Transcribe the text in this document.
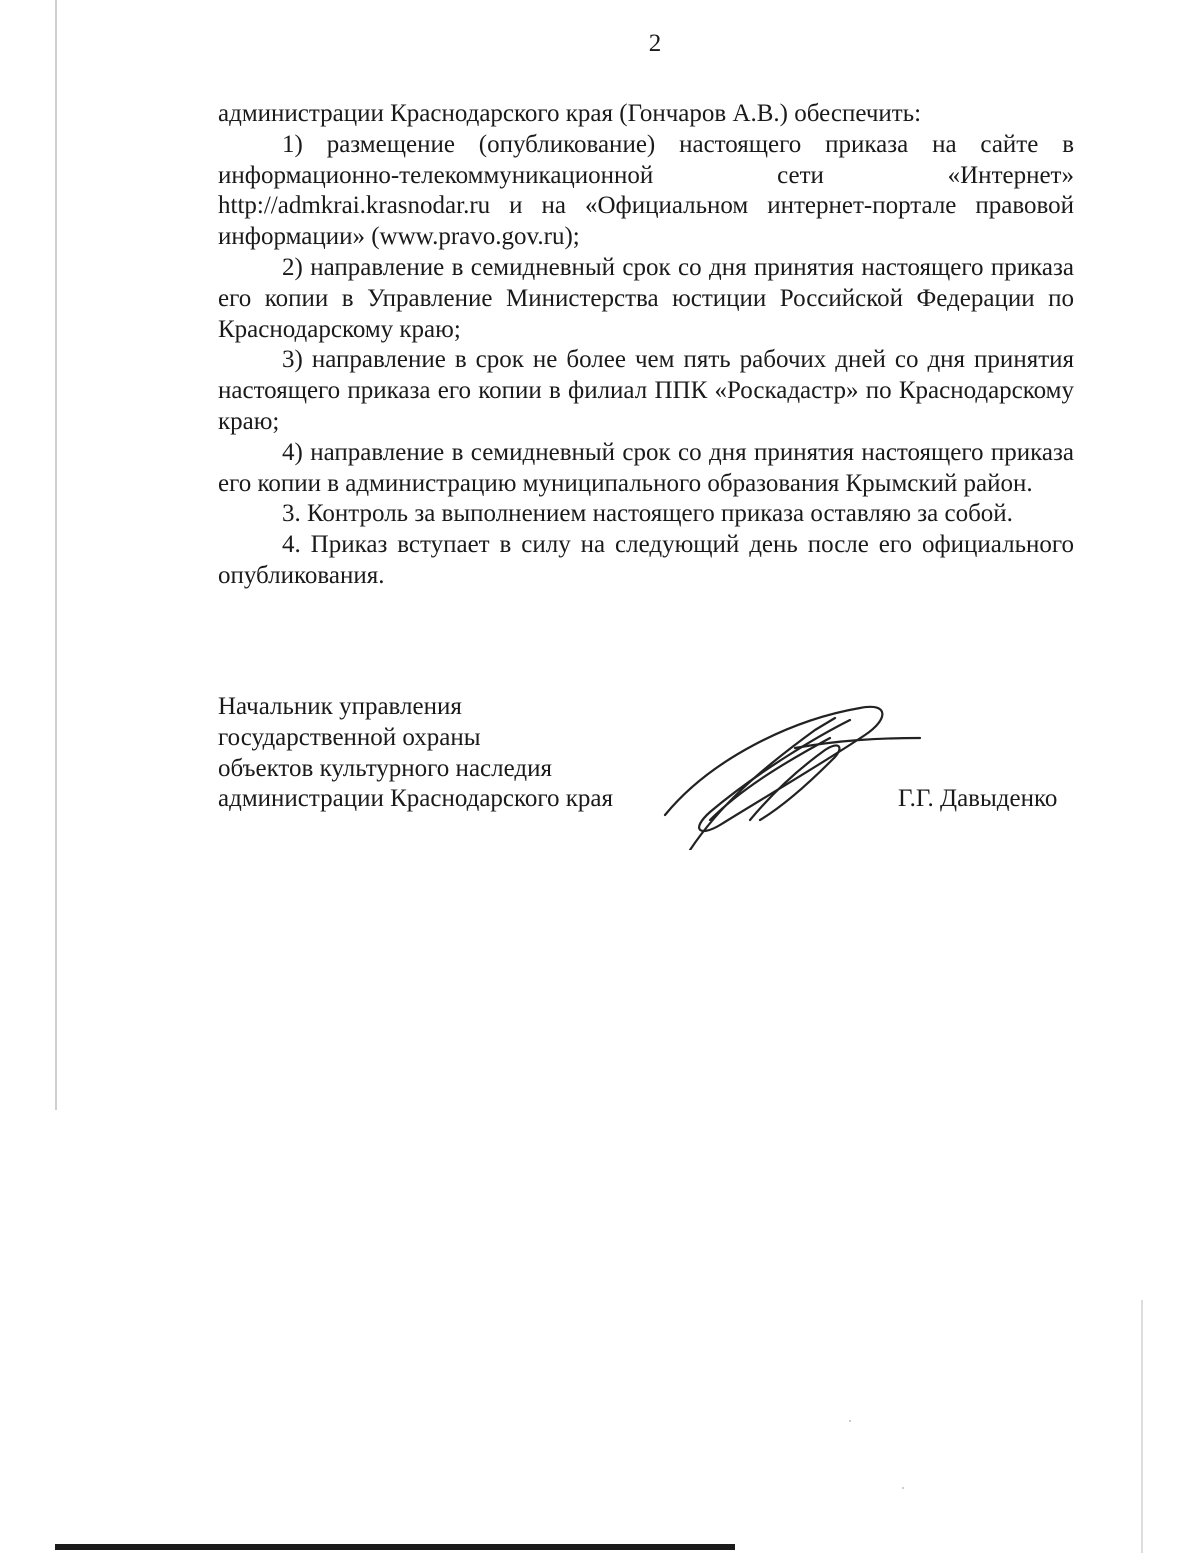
2

администрации Краснодарского края (Гончаров А.В.) обеспечить:

1) размещение (опубликование) настоящего приказа на сайте в информационно-телекоммуникационной сети «Интернет» http://admkrai.krasnodar.ru и на «Официальном интернет-портале правовой информации» (www.pravo.gov.ru);

2) направление в семидневный срок со дня принятия настоящего приказа его копии в Управление Министерства юстиции Российской Федерации по Краснодарскому краю;

3) направление в срок не более чем пять рабочих дней со дня принятия настоящего приказа его копии в филиал ППК «Роскадастр» по Краснодарскому краю;

4) направление в семидневный срок со дня принятия настоящего приказа его копии в администрацию муниципального образования Крымский район.

3. Контроль за выполнением настоящего приказа оставляю за собой.

4. Приказ вступает в силу на следующий день после его официального опубликования.

Начальник управления
государственной охраны
объектов культурного наследия
администрации Краснодарского края	Г.Г. Давыденко
